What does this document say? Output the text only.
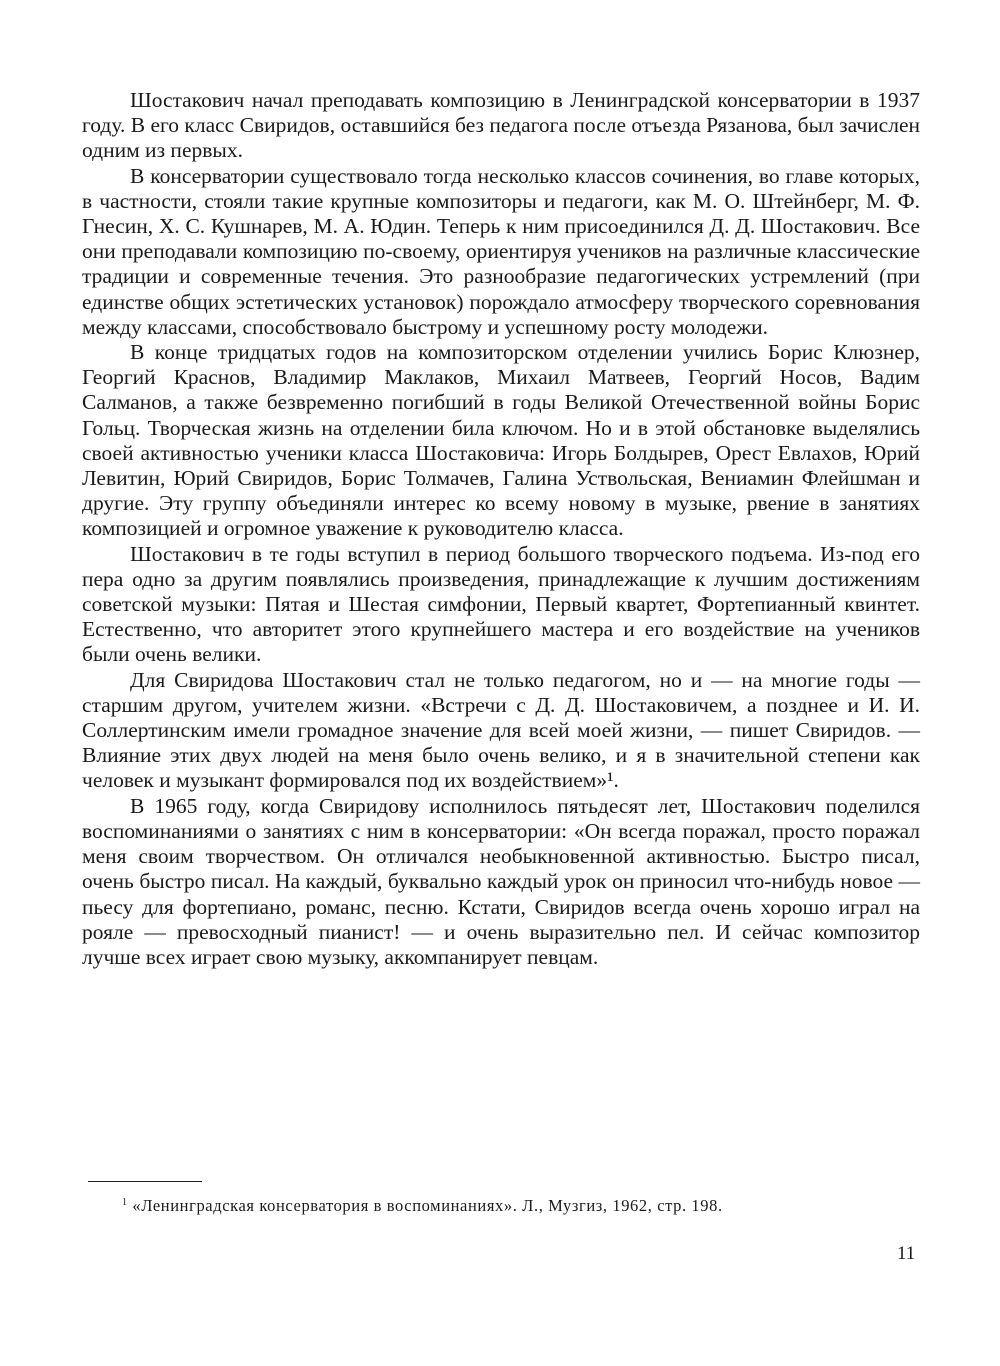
Шостакович начал преподавать композицию в Ленинградской консерватории в 1937 году. В его класс Свиридов, оставшийся без педагога после отъезда Рязанова, был зачислен одним из первых.

В консерватории существовало тогда несколько классов сочинения, во главе которых, в частности, стояли такие крупные композиторы и педагоги, как М. О. Штейнберг, М. Ф. Гнесин, Х. С. Кушнарев, М. А. Юдин. Теперь к ним присоединился Д. Д. Шостакович. Все они преподавали композицию по-своему, ориентируя учеников на различные классические традиции и современные течения. Это разнообразие педагогических устремлений (при единстве общих эстетических установок) порождало атмосферу творческого соревнования между классами, способствовало быстрому и успешному росту молодежи.

В конце тридцатых годов на композиторском отделении учились Борис Клюзнер, Георгий Краснов, Владимир Маклаков, Михаил Матвеев, Георгий Носов, Вадим Салманов, а также безвременно погибший в годы Великой Отечественной войны Борис Гольц. Творческая жизнь на отделении била ключом. Но и в этой обстановке выделялись своей активностью ученики класса Шостаковича: Игорь Болдырев, Орест Евлахов, Юрий Левитин, Юрий Свиридов, Борис Толмачев, Галина Уствольская, Вениамин Флейшман и другие. Эту группу объединяли интерес ко всему новому в музыке, рвение в занятиях композицией и огромное уважение к руководителю класса.

Шостакович в те годы вступил в период большого творческого подъема. Из-под его пера одно за другим появлялись произведения, принадлежащие к лучшим достижениям советской музыки: Пятая и Шестая симфонии, Первый квартет, Фортепианный квинтет. Естественно, что авторитет этого крупнейшего мастера и его воздействие на учеников были очень велики.

Для Свиридова Шостакович стал не только педагогом, но и — на многие годы — старшим другом, учителем жизни. «Встречи с Д. Д. Шостаковичем, а позднее и И. И. Соллертинским имели громадное значение для всей моей жизни, — пишет Свиридов. — Влияние этих двух людей на меня было очень велико, и я в значительной степени как человек и музыкант формировался под их воздействием»¹.

В 1965 году, когда Свиридову исполнилось пятьдесят лет, Шостакович поделился воспоминаниями о занятиях с ним в консерватории: «Он всегда поражал, просто поражал меня своим творчеством. Он отличался необыкновенной активностью. Быстро писал, очень быстро писал. На каждый, буквально каждый урок он приносил что-нибудь новое — пьесу для фортепиано, романс, песню. Кстати, Свиридов всегда очень хорошо играл на рояле — превосходный пианист! — и очень выразительно пел. И сейчас композитор лучше всех играет свою музыку, аккомпанирует певцам.

$^1$ «Ленинградская консерватория в воспоминаниях». Л., Музгиз, 1962, стр. 198.
11
